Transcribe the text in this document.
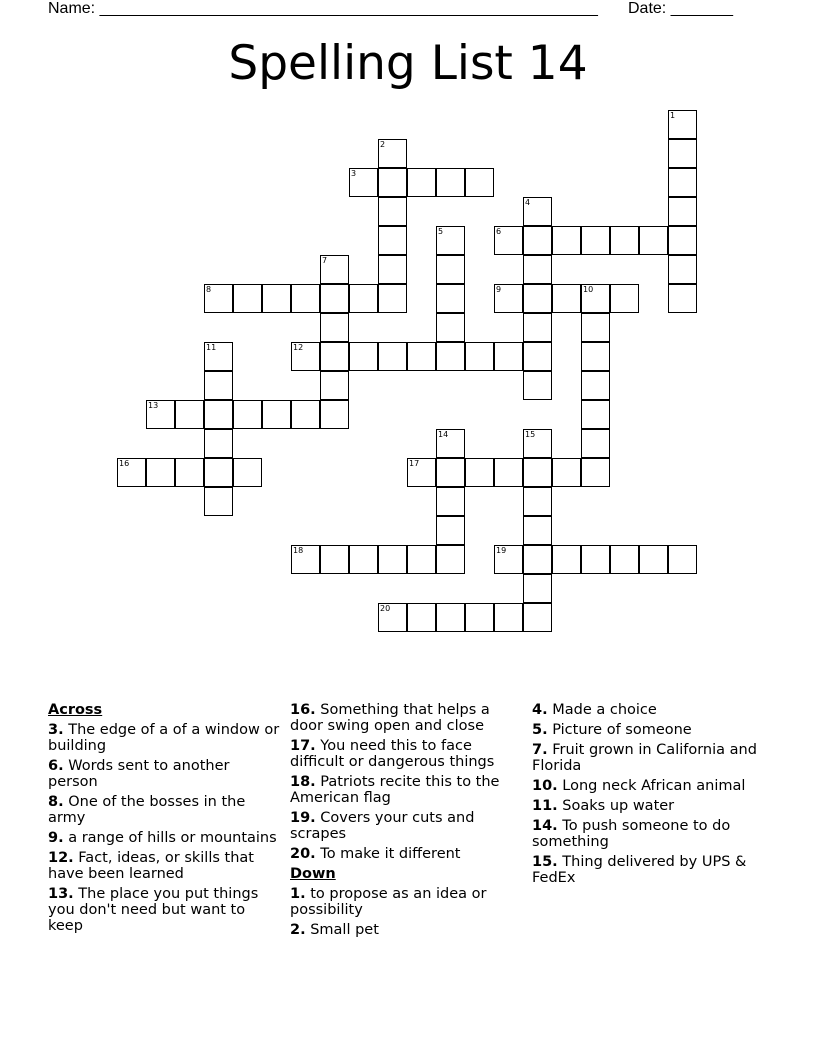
Name: ________________________________________________________ Date: _______
Spelling List 14
1
2
3
4
5	6
7
8	9	10
11	12
13
14	15
16	17
18	19
20
Across
3. The edge of a of a window or building
6. Words sent to another person
8. One of the bosses in the army
9. a range of hills or mountains
12. Fact, ideas, or skills that have been learned
13. The place you put things you don't need but want to keep
16. Something that helps a door swing open and close
17. You need this to face difficult or dangerous things
18. Patriots recite this to the American flag
19. Covers your cuts and scrapes
20. To make it different
Down
1. to propose as an idea or possibility
2. Small pet
4. Made a choice
5. Picture of someone
7. Fruit grown in California and Florida
10. Long neck African animal
11. Soaks up water
14. To push someone to do something
15. Thing delivered by UPS & FedEx
